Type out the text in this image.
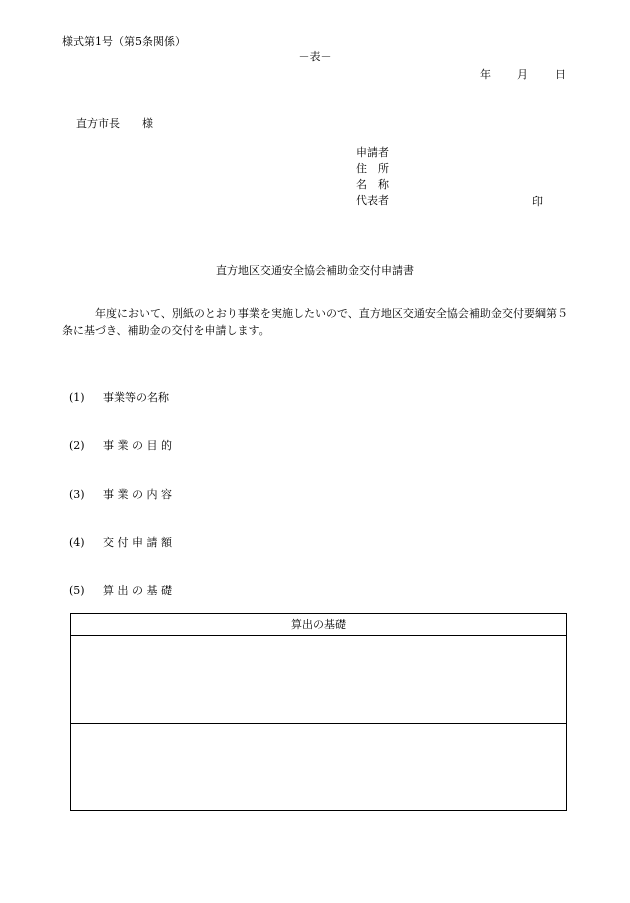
様式第1号（第5条関係）
－表－
年 月 日
直方市長 様
申請者
住　所
名　称
代表者	印
直方地区交通安全協会補助金交付申請書
年度において、別紙のとおり事業を実施したいので、直方地区交通安全協会補助金交付要綱第５条に基づき、補助金の交付を申請します。
(1) 事業等の名称
(2) 事 業 の 目 的
(3) 事 業 の 内 容
(4) 交 付 申 請 額
(5) 算 出 の 基 礎
算出の基礎
